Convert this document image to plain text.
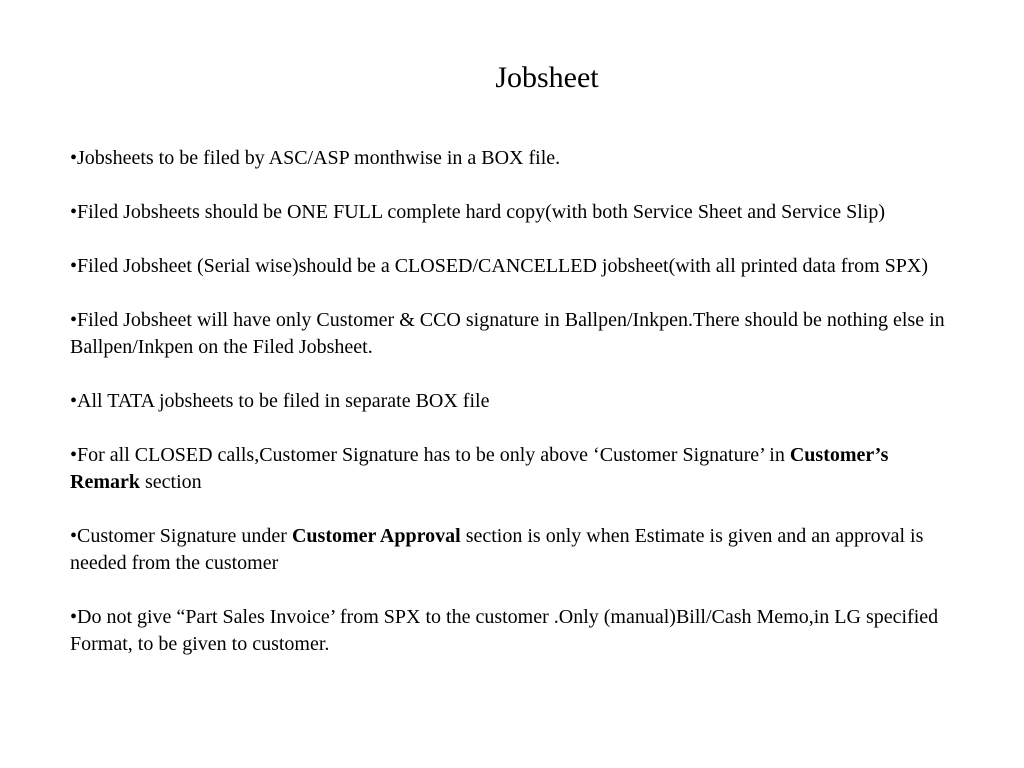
Jobsheet

•Jobsheets to be filed by ASC/ASP monthwise in a BOX file.

•Filed Jobsheets should be ONE FULL complete hard copy(with both Service Sheet and Service Slip)

•Filed Jobsheet (Serial wise)should be a CLOSED/CANCELLED jobsheet(with all printed data from SPX)

•Filed Jobsheet will have only Customer & CCO signature in Ballpen/Inkpen.There should be nothing else in Ballpen/Inkpen on the Filed Jobsheet.

•All TATA jobsheets to be filed in separate BOX file

•For all CLOSED calls,Customer Signature has to be only above ‘Customer Signature’ in Customer’s Remark section

•Customer Signature under Customer Approval section is only when Estimate is given and an approval is needed from the customer

•Do not give “Part Sales Invoice’ from SPX to the customer .Only (manual)Bill/Cash Memo,in LG specified Format, to be given to customer.
